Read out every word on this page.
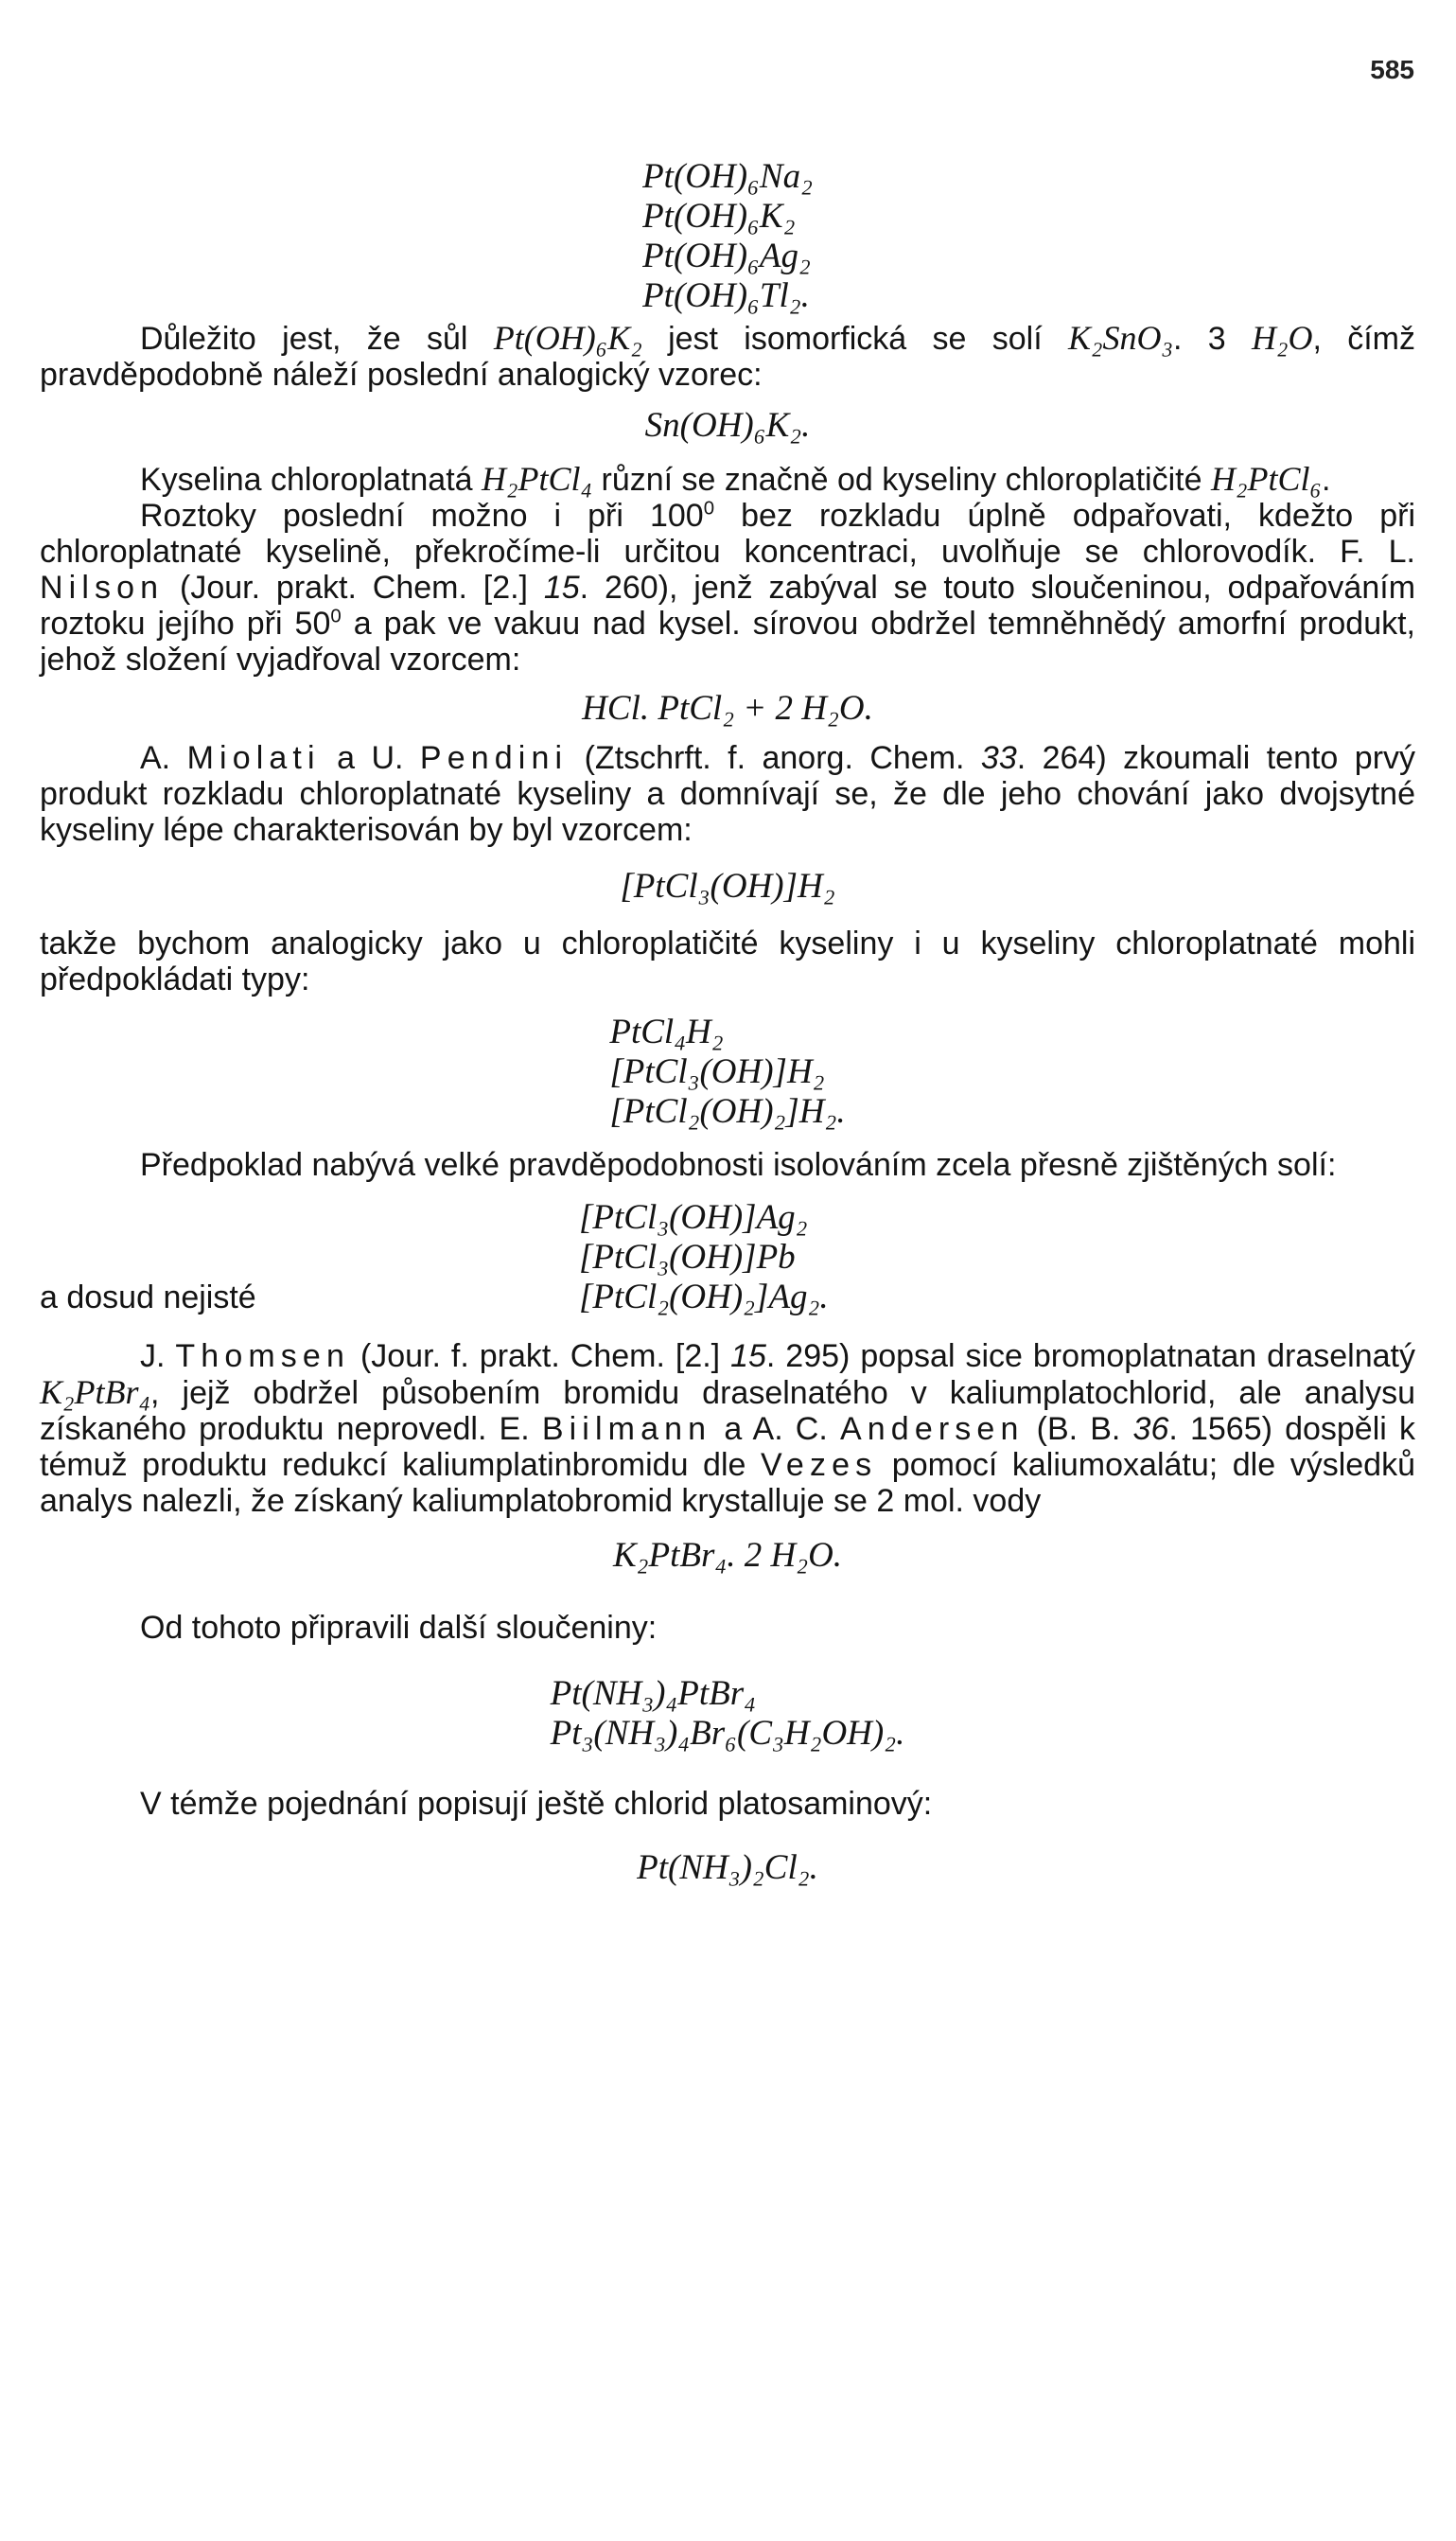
585
Pt(OH)₆Na₂
Pt(OH)₆K₂
Pt(OH)₆Ag₂
Pt(OH)₆Tl₂.

Důležito jest, že sůl Pt(OH)₆K₂ jest isomorfická se solí K₂SnO₃. 3 H₂O, čímž pravděpodobně náleží poslední analogický vzorec:

Sn(OH)₆K₂.

Kyselina chloroplatnatá H₂PtCl₄ různí se značně od kyseliny chloroplatičité H₂PtCl₆.

Roztoky poslední možno i při $100^0$ bez rozkladu úplně odpařovati, kdežto při chloroplatnaté kyselině, překročíme-li určitou koncentraci, uvolňuje se chlorovodík. F. L. Nilson (Jour. prakt. Chem. [2.] 15. 260), jenž zabýval se touto sloučeninou, odpařováním roztoku jejího při $50^0$ a pak ve vakuu nad kysel. sírovou obdržel temněhnědý amorfní produkt, jehož složení vyjadřoval vzorcem:

HCl. PtCl₂ + 2 H₂O.

A. Miolati a U. Pendini (Ztschrft. f. anorg. Chem. 33. 264) zkoumali tento prvý produkt rozkladu chloroplatnaté kyseliny a domnívají se, že dle jeho chování jako dvojsytné kyseliny lépe charakterisován by byl vzorcem:

[PtCl₃(OH)]H₂

takže bychom analogicky jako u chloroplatičité kyseliny i u kyseliny chloroplatnaté mohli předpokládati typy:

PtCl₄H₂
[PtCl₃(OH)]H₂
[PtCl₂(OH)₂]H₂.

Předpoklad nabývá velké pravděpodobnosti isolováním zcela přesně zjištěných solí:

[PtCl₃(OH)]Ag₂
[PtCl₃(OH)]Pb
a dosud nejisté	[PtCl₂(OH)₂]Ag₂.

J. Thomsen (Jour. f. prakt. Chem. [2.] 15. 295) popsal sice bromoplatnatan draselnatý K₂PtBr₄, jejž obdržel působením bromidu draselnatého v kaliumplatochlorid, ale analysu získaného produktu neprovedl. E. Biilmann a A. C. Andersen (B. B. 36. 1565) dospěli k témuž produktu redukcí kaliumplatinbromidu dle Vezes pomocí kaliumoxalátu; dle výsledků analys nalezli, že získaný kaliumplatobromid krystalluje se 2 mol. vody

K₂PtBr₄. 2 H₂O.

Od tohoto připravili další sloučeniny:

Pt(NH₃)₄PtBr₄
Pt₃(NH₃)₄Br₆(C₃H₂OH)₂.

V témže pojednání popisují ještě chlorid platosaminový:

Pt(NH₃)₂Cl₂.
